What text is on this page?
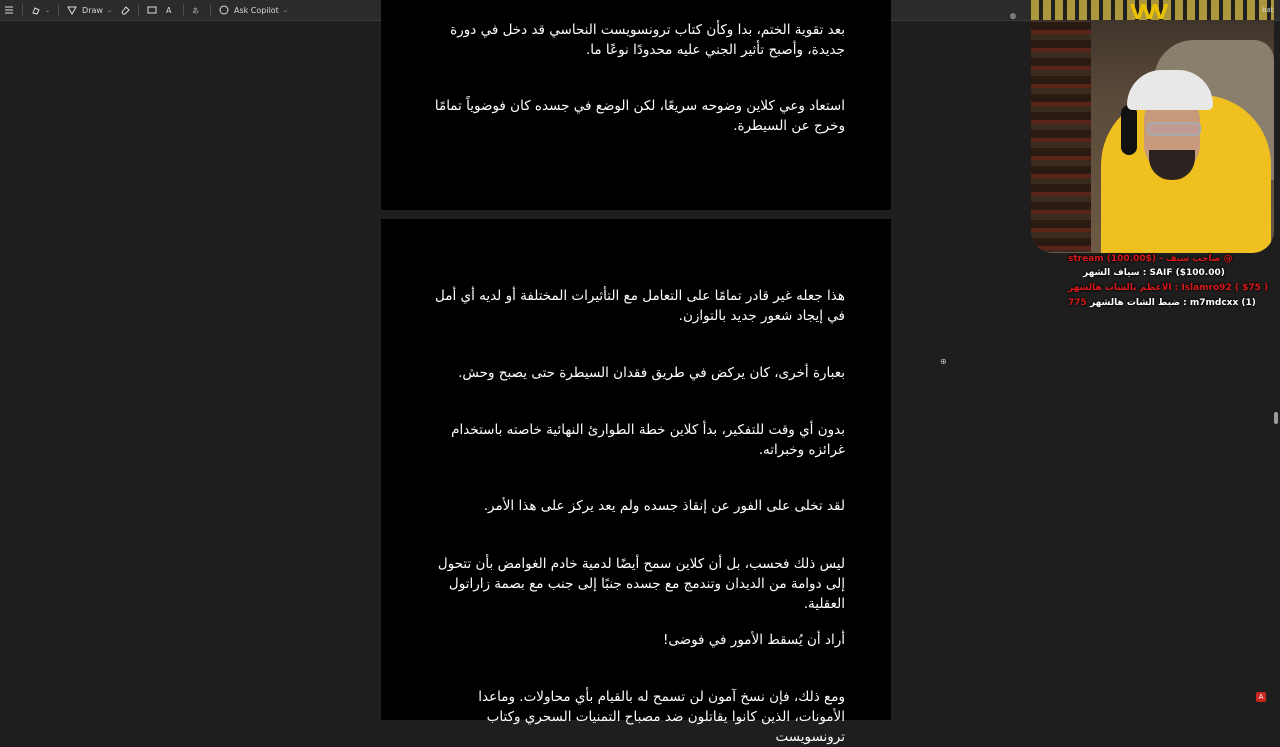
⌄	Draw ⌄	A	あ	Ask Copilot ⌄

بعد تقوية الختم، بدا وكأن كتاب ترونسويست النحاسي قد دخل في دورة جديدة، وأصبح تأثير الجني عليه محدودًا نوعًا ما.

استعاد وعي كلاين وضوحه سريعًا، لكن الوضع في جسده كان فوضوياً تمامًا وخرج عن السيطرة.

هذا جعله غير قادر تمامًا على التعامل مع التأثيرات المختلفة أو لديه أي أمل في إيجاد شعور جديد بالتوازن.

بعبارة أخرى، كان يركض في طريق فقدان السيطرة حتى يصبح وحش.

بدون أي وقت للتفكير، بدأ كلاين خطة الطوارئ النهائية خاصته باستخدام غرائزه وخبراته.

لقد تخلى على الفور عن إنقاذ جسده ولم يعد يركز على هذا الأمر.

ليس ذلك فحسب، بل أن كلاين سمح أيضًا لدمية خادم الغوامض بأن تتحول إلى دوامة من الديدان وتندمج مع جسده جنبًا إلى جنب مع بصمة زاراتول العقلية.

أراد أن يُسقط الأمور في فوضى!

ومع ذلك، فإن نسخ آمون لن تسمح له بالقيام بأي محاولات. وماعدا الأمونات، الذين كانوا يقاتلون ضد مصباح التمنيات السحري وكتاب ترونسويست

⊕
◍	VVV	bat
@ صاحب سيف - ($100.00) stream
SAIF ($100.00) : سياف الشهر
Islamro92 ( $75 ) : الاعظم بالشات هالشهر
775 m7mdcxx (1) : ضبط الشات هالشهر
A
